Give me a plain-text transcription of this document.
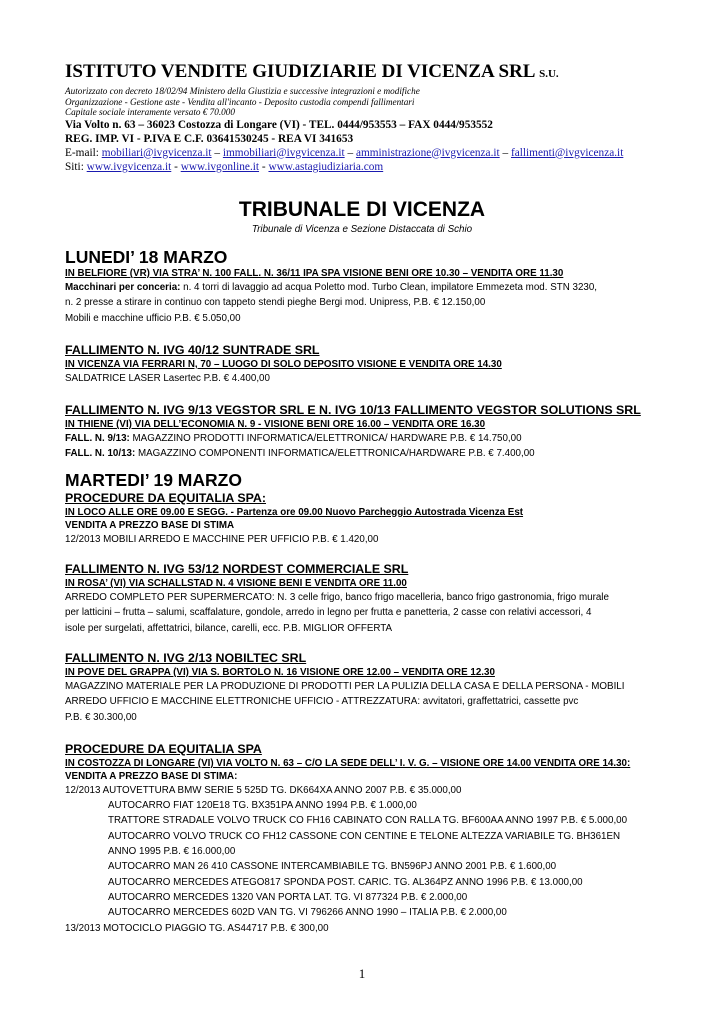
ISTITUTO VENDITE GIUDIZIARIE DI VICENZA SRL S.U.
Autorizzato con decreto 18/02/94 Ministero della Giustizia e successive integrazioni e modifiche
Organizzazione - Gestione aste - Vendita all'incanto - Deposito custodia compendi fallimentari
Capitale sociale interamente versato € 70.000
Via Volto n. 63 – 36023 Costozza di Longare (VI) - TEL. 0444/953553 – FAX 0444/953552
REG. IMP. VI - P.IVA E C.F. 03641530245 - REA VI 341653
E-mail: mobiliari@ivgvicenza.it – immobiliari@ivgvicenza.it – amministrazione@ivgvicenza.it – fallimenti@ivgvicenza.it
Siti: www.ivgvicenza.it - www.ivgonline.it - www.astagiudiziaria.com
TRIBUNALE DI VICENZA
Tribunale di Vicenza e Sezione Distaccata di Schio
LUNEDI’ 18 MARZO
IN BELFIORE (VR) VIA STRA’ N. 100 FALL. N. 36/11 IPA SPA VISIONE BENI ORE 10.30 – VENDITA ORE 11.30
Macchinari per conceria: n. 4 torri di lavaggio ad acqua Poletto mod. Turbo Clean, impilatore Emmezeta mod. STN 3230,
n. 2 presse a stirare in continuo con tappeto stendi pieghe Bergi mod. Unipress, P.B. € 12.150,00
Mobili e macchine ufficio P.B. € 5.050,00
FALLIMENTO N. IVG 40/12 SUNTRADE SRL
IN VICENZA VIA FERRARI N, 70 – LUOGO DI SOLO DEPOSITO VISIONE E VENDITA ORE 14.30
SALDATRICE LASER Lasertec P.B. € 4.400,00
FALLIMENTO N. IVG 9/13 VEGSTOR SRL E N. IVG 10/13 FALLIMENTO VEGSTOR SOLUTIONS SRL
IN THIENE (VI) VIA DELL’ECONOMIA N. 9 - VISIONE BENI ORE 16.00 – VENDITA ORE 16.30
FALL. N. 9/13: MAGAZZINO PRODOTTI INFORMATICA/ELETTRONICA/ HARDWARE P.B. € 14.750,00
FALL. N. 10/13: MAGAZZINO COMPONENTI INFORMATICA/ELETTRONICA/HARDWARE P.B. € 7.400,00
MARTEDI’ 19 MARZO
PROCEDURE DA EQUITALIA SPA:
IN LOCO ALLE ORE 09.00 E SEGG. - Partenza ore 09.00 Nuovo Parcheggio Autostrada Vicenza Est
VENDITA A PREZZO BASE DI STIMA
12/2013 MOBILI ARREDO E MACCHINE PER UFFICIO P.B. € 1.420,00
FALLIMENTO N. IVG 53/12 NORDEST COMMERCIALE SRL
IN ROSA’ (VI) VIA SCHALLSTAD N. 4 VISIONE BENI E VENDITA ORE 11.00
ARREDO COMPLETO PER SUPERMERCATO: N. 3 celle frigo, banco frigo macelleria, banco frigo gastronomia, frigo murale
per latticini – frutta – salumi, scaffalature, gondole, arredo in legno per frutta e panetteria, 2 casse con relativi accessori, 4
isole per surgelati, affettatrici, bilance, carelli, ecc. P.B. MIGLIOR OFFERTA
FALLIMENTO N. IVG 2/13 NOBILTEC SRL
IN POVE DEL GRAPPA (VI) VIA S. BORTOLO N. 16 VISIONE ORE 12.00 – VENDITA ORE 12.30
MAGAZZINO MATERIALE PER LA PRODUZIONE DI PRODOTTI PER LA PULIZIA DELLA CASA E DELLA PERSONA - MOBILI
ARREDO UFFICIO E MACCHINE ELETTRONICHE UFFICIO - ATTREZZATURA: avvitatori, graffettatrici, cassette pvc
P.B. € 30.300,00
PROCEDURE DA EQUITALIA SPA
IN COSTOZZA DI LONGARE (VI) VIA VOLTO N. 63 – C/O LA SEDE DELL’ I. V. G. – VISIONE ORE 14.00 VENDITA ORE 14.30:
VENDITA A PREZZO BASE DI STIMA:
12/2013 AUTOVETTURA BMW SERIE 5 525D TG. DK664XA ANNO 2007 P.B. € 35.000,00
AUTOCARRO FIAT 120E18 TG. BX351PA ANNO 1994 P.B. € 1.000,00
TRATTORE STRADALE VOLVO TRUCK CO FH16 CABINATO CON RALLA TG. BF600AA ANNO 1997 P.B. € 5.000,00
AUTOCARRO VOLVO TRUCK CO FH12 CASSONE CON CENTINE E TELONE ALTEZZA VARIABILE TG. BH361EN
ANNO 1995 P.B. € 16.000,00
AUTOCARRO MAN 26 410 CASSONE INTERCAMBIABILE TG. BN596PJ ANNO 2001 P.B. € 1.600,00
AUTOCARRO MERCEDES ATEGO817 SPONDA POST. CARIC. TG. AL364PZ ANNO 1996 P.B. € 13.000,00
AUTOCARRO MERCEDES 1320 VAN PORTA LAT. TG. VI 877324 P.B. € 2.000,00
AUTOCARRO MERCEDES 602D VAN TG. VI 796266 ANNO 1990 – ITALIA P.B. € 2.000,00
13/2013 MOTOCICLO PIAGGIO TG. AS44717 P.B. € 300,00
1
